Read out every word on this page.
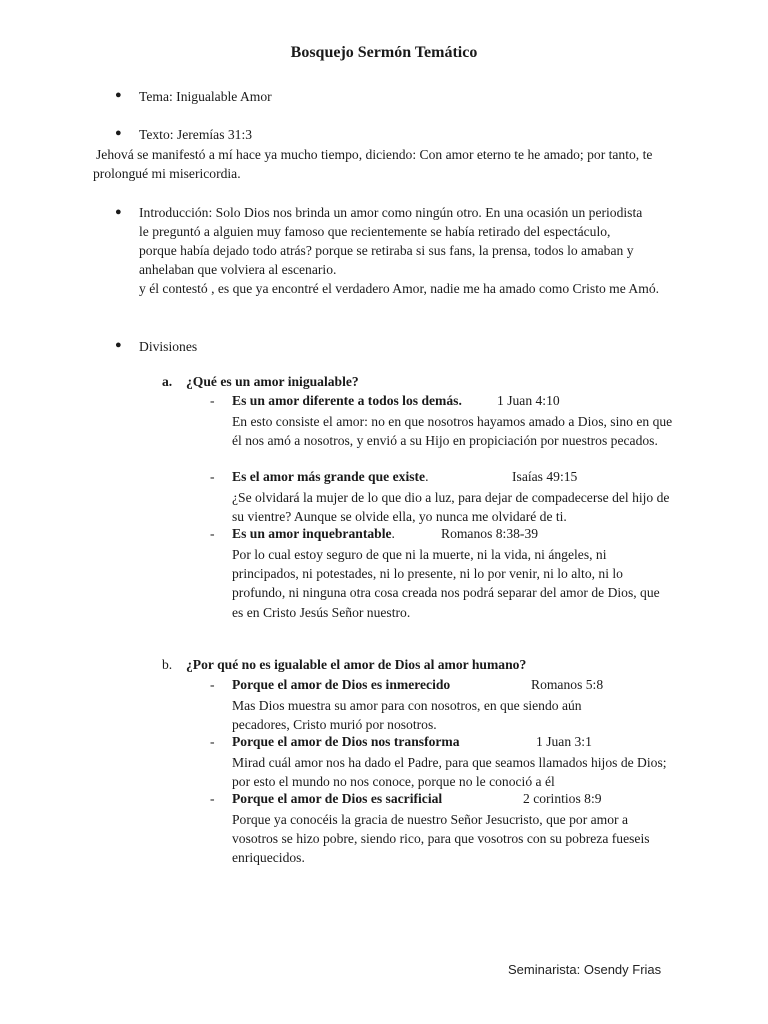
Bosquejo Sermón Temático
●	Tema: Inigualable Amor
●	Texto: Jeremías 31:3
Jehová se manifestó a mí hace ya mucho tiempo, diciendo: Con amor eterno te he amado; por tanto, te prolongué mi misericordia.
●	Introducción: Solo Dios nos brinda un amor como ningún otro. En una ocasión un periodista le preguntó a alguien muy famoso que recientemente se había retirado del espectáculo, porque había dejado todo atrás? porque se retiraba si sus fans, la prensa, todos lo amaban y anhelaban que volviera al escenario.
y él contestó , es que ya encontré el verdadero Amor, nadie me ha amado como Cristo me Amó.
●	Divisiones
a. ¿Qué es un amor inigualable?
- Es un amor diferente a todos los demás.	1 Juan 4:10
En esto consiste el amor: no en que nosotros hayamos amado a Dios, sino en que él nos amó a nosotros, y envió a su Hijo en propiciación por nuestros pecados.
- Es el amor más grande que existe.	Isaías 49:15
¿Se olvidará la mujer de lo que dio a luz, para dejar de compadecerse del hijo de su vientre? Aunque se olvide ella, yo nunca me olvidaré de ti.
- Es un amor inquebrantable.	Romanos 8:38-39
Por lo cual estoy seguro de que ni la muerte, ni la vida, ni ángeles, ni principados, ni potestades, ni lo presente, ni lo por venir, ni lo alto, ni lo profundo, ni ninguna otra cosa creada nos podrá separar del amor de Dios, que es en Cristo Jesús Señor nuestro.
b. ¿Por qué no es igualable el amor de Dios al amor humano?
- Porque el amor de Dios es inmerecido	Romanos 5:8
Mas Dios muestra su amor para con nosotros, en que siendo aún pecadores, Cristo murió por nosotros.
- Porque el amor de Dios nos transforma	1 Juan 3:1
Mirad cuál amor nos ha dado el Padre, para que seamos llamados hijos de Dios; por esto el mundo no nos conoce, porque no le conoció a él
- Porque el amor de Dios es sacrificial	2 corintios 8:9
Porque ya conocéis la gracia de nuestro Señor Jesucristo, que por amor a vosotros se hizo pobre, siendo rico, para que vosotros con su pobreza fueseis enriquecidos.
Seminarista: Osendy Frias
